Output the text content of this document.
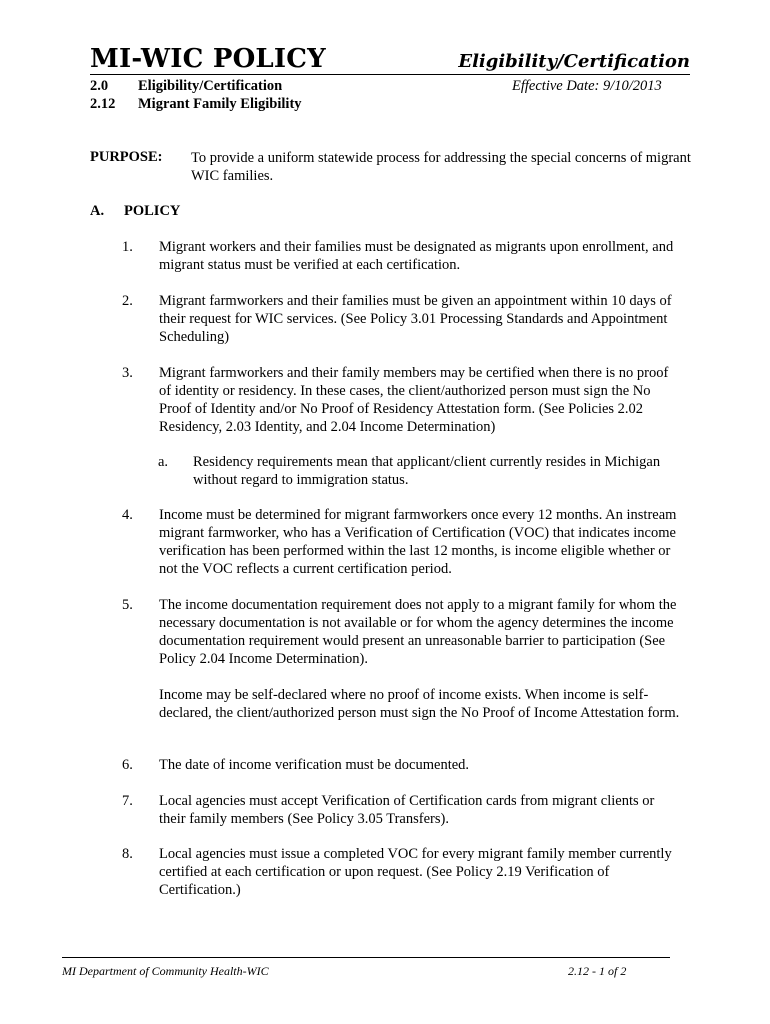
MI-WIC POLICY	Eligibility/Certification
2.0 Eligibility/Certification
2.12 Migrant Family Eligibility
Effective Date: 9/10/2013
PURPOSE: To provide a uniform statewide process for addressing the special concerns of migrant WIC families.
A. POLICY
1. Migrant workers and their families must be designated as migrants upon enrollment, and migrant status must be verified at each certification.
2. Migrant farmworkers and their families must be given an appointment within 10 days of their request for WIC services. (See Policy 3.01 Processing Standards and Appointment Scheduling)
3. Migrant farmworkers and their family members may be certified when there is no proof of identity or residency. In these cases, the client/authorized person must sign the No Proof of Identity and/or No Proof of Residency Attestation form. (See Policies 2.02 Residency, 2.03 Identity, and 2.04 Income Determination)
a. Residency requirements mean that applicant/client currently resides in Michigan without regard to immigration status.
4. Income must be determined for migrant farmworkers once every 12 months. An instream migrant farmworker, who has a Verification of Certification (VOC) that indicates income verification has been performed within the last 12 months, is income eligible whether or not the VOC reflects a current certification period.
5. The income documentation requirement does not apply to a migrant family for whom the necessary documentation is not available or for whom the agency determines the income documentation requirement would present an unreasonable barrier to participation (See Policy 2.04 Income Determination).
Income may be self-declared where no proof of income exists. When income is self-declared, the client/authorized person must sign the No Proof of Income Attestation form.
6. The date of income verification must be documented.
7. Local agencies must accept Verification of Certification cards from migrant clients or their family members (See Policy 3.05 Transfers).
8. Local agencies must issue a completed VOC for every migrant family member currently certified at each certification or upon request. (See Policy 2.19 Verification of Certification.)
MI Department of Community Health-WIC	2.12 - 1 of 2
